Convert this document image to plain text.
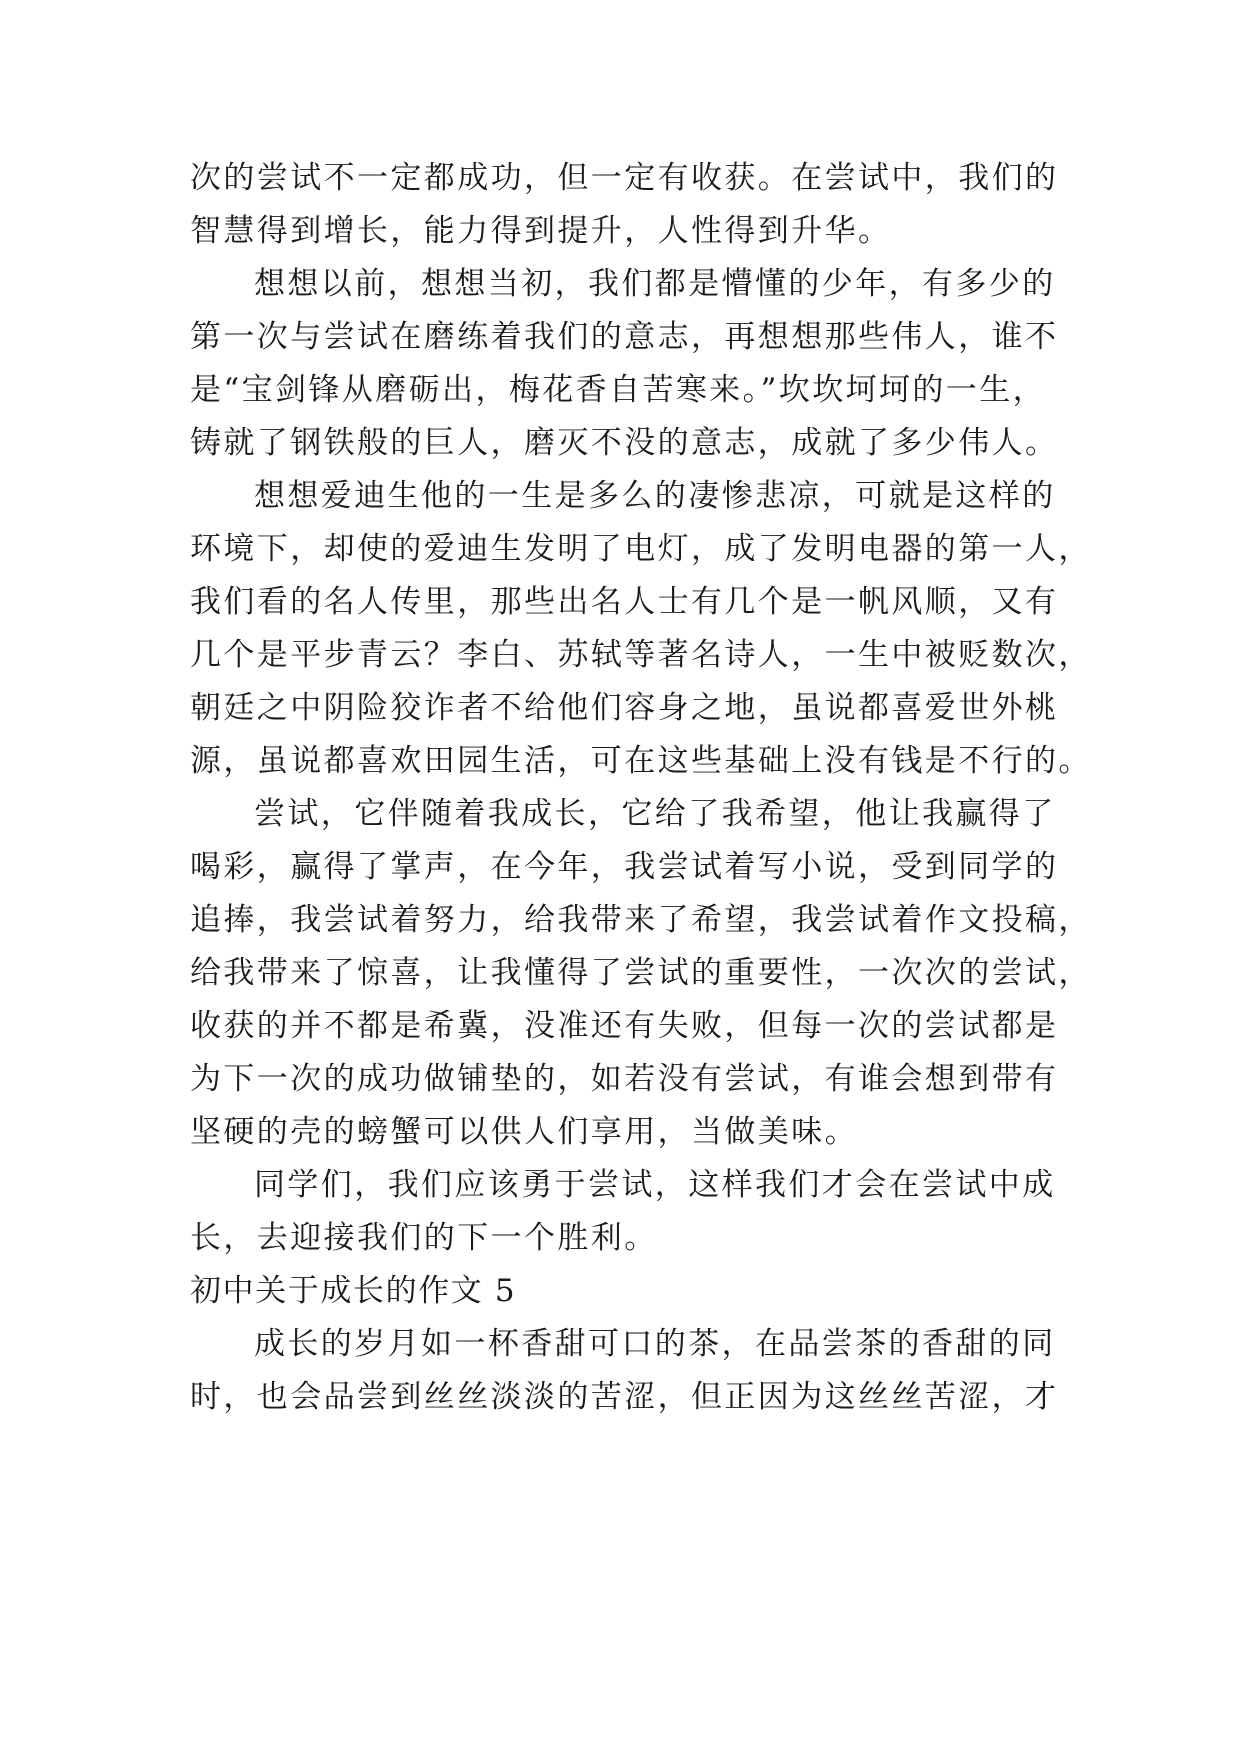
次的尝试不一定都成功，但一定有收获。在尝试中，我们的
智慧得到增长，能力得到提升，人性得到升华。
想想以前，想想当初，我们都是懵懂的少年，有多少的
第一次与尝试在磨练着我们的意志，再想想那些伟人，谁不
是“宝剑锋从磨砺出，梅花香自苦寒来。”坎坎坷坷的一生，
铸就了钢铁般的巨人，磨灭不没的意志，成就了多少伟人。
想想爱迪生他的一生是多么的凄惨悲凉，可就是这样的
环境下，却使的爱迪生发明了电灯，成了发明电器的第一人，
我们看的名人传里，那些出名人士有几个是一帆风顺，又有
几个是平步青云？李白、苏轼等著名诗人，一生中被贬数次，
朝廷之中阴险狡诈者不给他们容身之地，虽说都喜爱世外桃
源，虽说都喜欢田园生活，可在这些基础上没有钱是不行的。
尝试，它伴随着我成长，它给了我希望，他让我赢得了
喝彩，赢得了掌声，在今年，我尝试着写小说，受到同学的
追捧，我尝试着努力，给我带来了希望，我尝试着作文投稿，
给我带来了惊喜，让我懂得了尝试的重要性，一次次的尝试，
收获的并不都是希冀，没准还有失败，但每一次的尝试都是
为下一次的成功做铺垫的，如若没有尝试，有谁会想到带有
坚硬的壳的螃蟹可以供人们享用，当做美味。
同学们，我们应该勇于尝试，这样我们才会在尝试中成
长，去迎接我们的下一个胜利。
初中关于成长的作文 5
成长的岁月如一杯香甜可口的茶，在品尝茶的香甜的同
时，也会品尝到丝丝淡淡的苦涩，但正因为这丝丝苦涩，才
